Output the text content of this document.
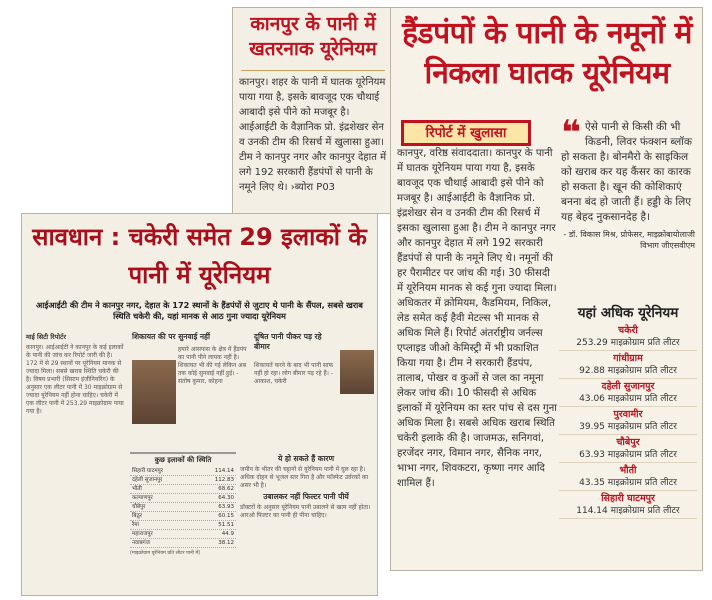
कानपुर के पानी में खतरनाक यूरेनियम
कानपुर। शहर के पानी में घातक यूरेनियम पाया गया है, इसके बावजूद एक चौथाई आबादी इसे पीने को मजबूर है। आईआईटी के वैज्ञानिक प्रो. इंद्रशेखर सेन व उनकी टीम की रिसर्च में खुलासा हुआ। टीम ने कानपुर नगर और कानपुर देहात में लगे 192 सरकारी हैंडपंपों से पानी के नमूने लिए थे। ›ब्योरा P03
हैंडपंपों के पानी के नमूनों में निकला घातक यूरेनियम
रिपोर्ट में खुलासा
कानपुर, वरिष्ठ संवाददाता। कानपुर के पानी में घातक यूरेनियम पाया गया है, इसके बावजूद एक चौथाई आबादी इसे पीने को मजबूर है। आईआईटी के वैज्ञानिक प्रो. इंद्रशेखर सेन व उनकी टीम की रिसर्च में इसका खुलासा हुआ है। टीम ने कानपुर नगर और कानपुर देहात में लगे 192 सरकारी हैंडपंपों से पानी के नमूने लिए थे। नमूनों की हर पैरामीटर पर जांच की गई। 30 फीसदी में यूरेनियम मानक से कई गुना ज्यादा मिला। अधिकतर में क्रोमियम, कैडमियम, निकिल, लेड समेत कई हैवी मेटल्स भी मानक से अधिक मिले हैं। रिपोर्ट अंतर्राष्ट्रीय जर्नल्स एप्लाइड जीओ केमिस्ट्री में भी प्रकाशित किया गया है। टीम ने सरकारी हैंडपंप, तालाब, पोखर व कुओं से जल का नमूना लेकर जांच की। 10 फीसदी से अधिक इलाकों में यूरेनियम का स्तर पांच से दस गुना अधिक मिला है। सबसे अधिक खराब स्थिति चकेरी इलाके की है। जाजमऊ, सनिगवां, हरजेंदर नगर, विमान नगर, सैनिक नगर, भाभा नगर, शिवकटरा, कृष्णा नगर आदि शामिल हैं।
❝ ऐसे पानी से किसी की भी किडनी, लिवर फंक्शन ब्लॉक हो सकता है। बोनमैरो के साइकिल को खराब कर यह कैंसर का कारक हो सकता है। खून की कोशिकाएं बनना बंद हो जाती हैं। हड्डी के लिए यह बेहद नुकसानदेह है।
- डॉ. विकास मिश्र, प्रोफेसर, माइक्रोबायोलाजी विभाग जीएसवीएम
यहां अधिक यूरेनियम
चकेरी
253.29 माइक्रोग्राम प्रति लीटर
गांधीग्राम
92.88 माइक्रोग्राम प्रति लीटर
दहेली सुजानपुर
43.06 माइक्रोग्राम प्रति लीटर
पुरवामीर
39.95 माइक्रोग्राम प्रति लीटर
चौबेपुर
63.93 माइक्रोग्राम प्रति लीटर
भौती
43.35 माइक्रोग्राम प्रति लीटर
सिहारी घाटमपुर
114.14 माइक्रोग्राम प्रति लीटर
सावधान : चकेरी समेत 29 इलाकों के पानी में यूरेनियम
आईआईटी की टीम ने कानपुर नगर, देहात के 172 स्थानों के हैंडपंपों से जुटाए थे पानी के सैंपल, सबसे खराब स्थिति चकेरी की, यहां मानक से आठ गुना ज्यादा यूरेनियम
माई सिटी रिपोर्टर
कानपुर। आईआईटी ने कानपुर के कई इलाकों के पानी की जांच कर रिपोर्ट जारी की है। 172 में से 29 स्थानों पर यूरेनियम मानक से ज्यादा मिला। सबसे खराब स्थिति चकेरी की है। विषय प्रभारी (सिस्टम इंजीनियरिंग) के अनुसार एक लीटर पानी में 30 माइक्रोग्राम से ज्यादा यूरेनियम नहीं होना चाहिए। चकेरी में एक लीटर पानी में 253.29 माइक्रोग्राम पाया गया है।
शिकायत की पर सुनवाई नहीं
हमारे आसपास के क्षेत्र में हैंडपंप का पानी पीने लायक नहीं है। शिकायत भी की गई लेकिन अब तक कोई सुनवाई नहीं हुई। - संतोष कुमार, कोहना
दूषित पानी पीकर पड़ रहे बीमार
शिकायतें करने के बाद भी पानी साफ नहीं हो रहा। लोग बीमार पड़ रहे हैं। - आकाश, चकेरी
कुछ इलाकों की स्थिति
सिहारी घाटमपुर	114.14
दहेली सुजानपुर	112.83
भौती	68.62
कल्याणपुर	64.30
चौबेपुर	63.93
बिठूर	60.15
रैमा	51.51
महाराजपुर	44.9
नवाबगंज	38.12
(माइक्रोग्राम यूरेनियम प्रति लीटर पानी में)
ये हो सकते हैं कारण
जमीन के भीतर की चट्टानों से यूरेनियम पानी में घुल रहा है। अधिक दोहन से भूजल स्तर गिरा है और फॉस्फेट उर्वरकों का असर भी है।
उबालकर नहीं फिल्टर पानी पीयें
डॉक्टरों के अनुसार यूरेनियम पानी उबालने से खत्म नहीं होता। आरओ फिल्टर का पानी ही पीना चाहिए।
